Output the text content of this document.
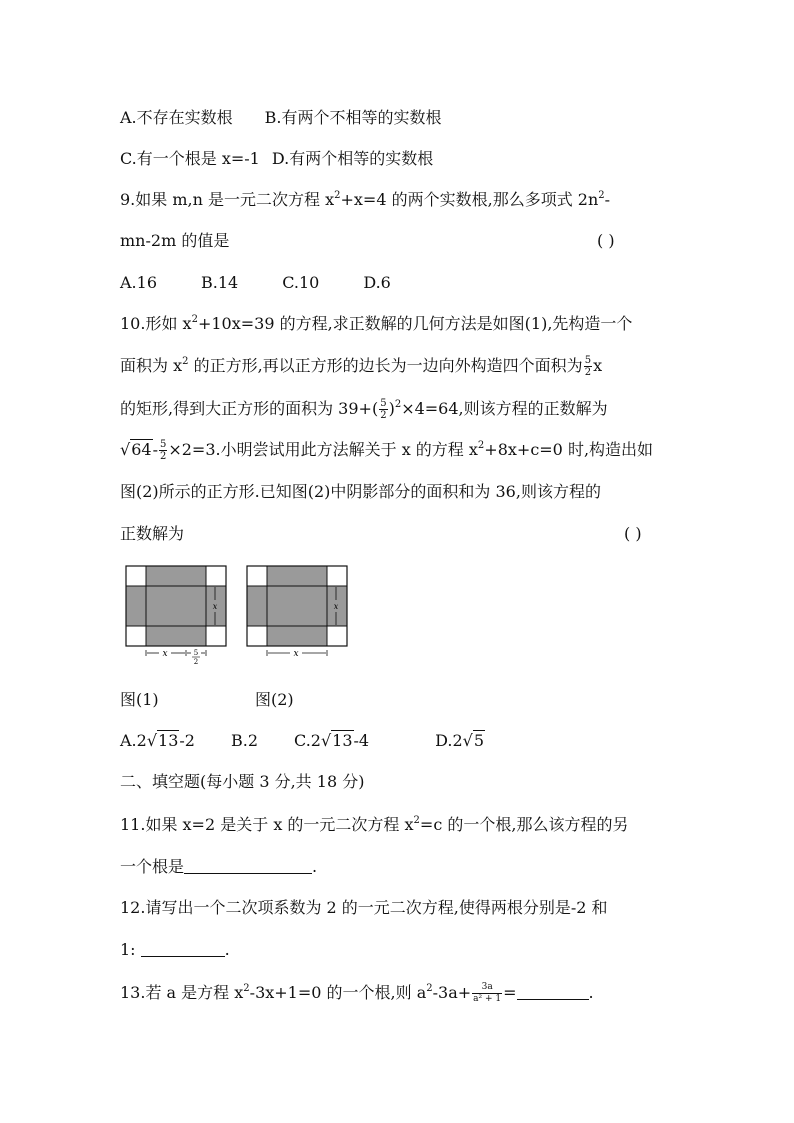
A.不存在实数根 B.有两个不相等的实数根
C.有一个根是 x=-1 D.有两个相等的实数根
9.如果 m,n 是一元二次方程 $x^2+x=4$ 的两个实数根,那么多项式 $2n^2-$
mn-2m 的值是	( )
A.16	B.14	C.10	D.6
10.形如 $x^2+10x=39$ 的方程,求正数解的几何方法是如图(1),先构造一个
面积为 $x^2$ 的正方形,再以正方形的边长为一边向外构造四个面积为 $\frac{5}{2}$ x
的矩形,得到大正方形的面积为 $39+( \frac{5}{2} )^2\times 4=64$,则该方程的正数解为
$√64- \frac{5}{2} \times 2=3$.小明尝试用此方法解关于 x 的方程 $x^2+8x+c=0$ 时,构造出如
图(2)所示的正方形.已知图(2)中阴影部分的面积和为 36,则该方程的
正数解为	( )
x	5
2
x
图(1)
x
x
图(2)
A.2√13-2 B.2 C.2√13-4	D.2√5
二、填空题(每小题 3 分,共 18 分)
11.如果 x=2 是关于 x 的一元二次方程 $x^2=c$ 的一个根,那么该方程的另
一个根是	.
12.请写出一个二次项系数为 2 的一元二次方程,使得两根分别是-2 和
1:	.
13.若 a 是方程 $x^2-3x+1=0$ 的一个根,则 $a^2-3a+ \frac{3a}{\text{a² + 1}}$ =	.
